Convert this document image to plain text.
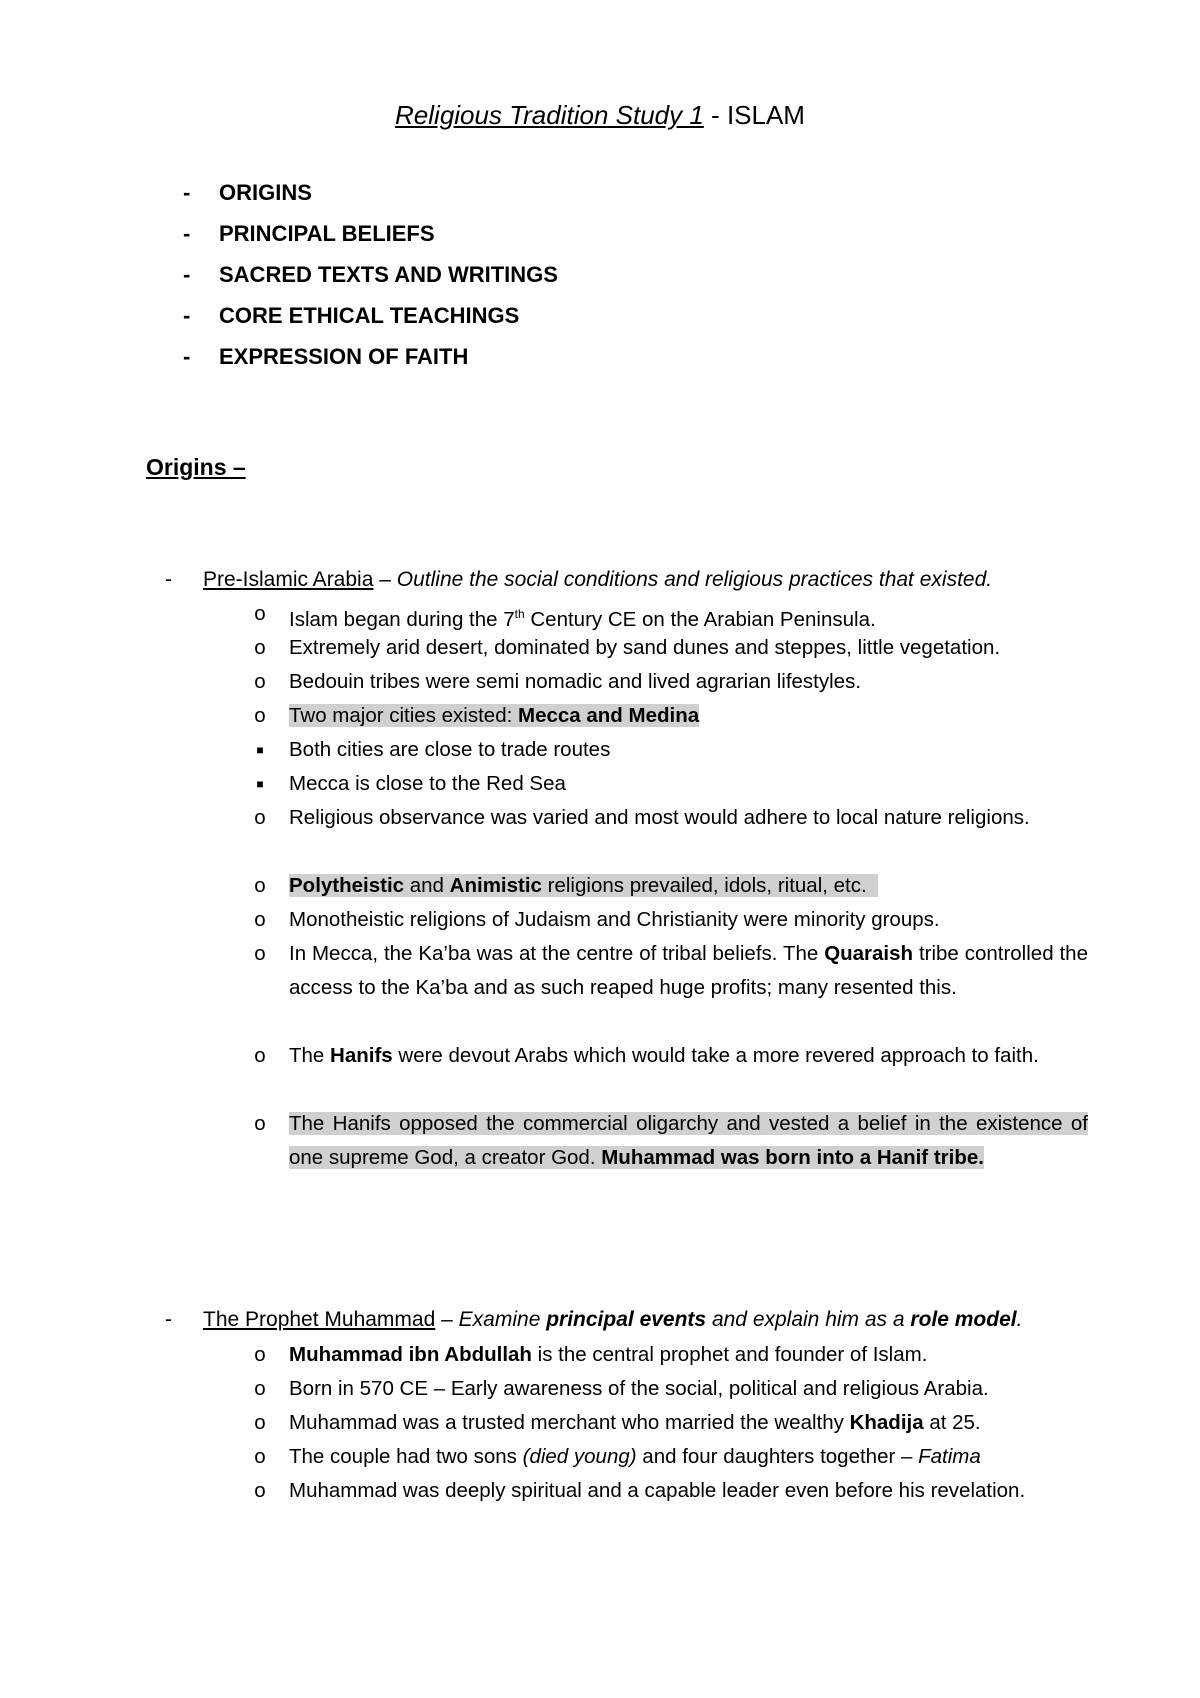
Religious Tradition Study 1 - ISLAM
-	ORIGINS
-	PRINCIPAL BELIEFS
-	SACRED TEXTS AND WRITINGS
-	CORE ETHICAL TEACHINGS
-	EXPRESSION OF FAITH
Origins –
- Pre-Islamic Arabia – Outline the social conditions and religious practices that existed.
o	Islam began during the 7th Century CE on the Arabian Peninsula.
o	Extremely arid desert, dominated by sand dunes and steppes, little vegetation.
o	Bedouin tribes were semi nomadic and lived agrarian lifestyles.
o	Two major cities existed: Mecca and Medina
■	Both cities are close to trade routes
■	Mecca is close to the Red Sea
o	Religious observance was varied and most would adhere to local nature religions.
o	Polytheistic and Animistic religions prevailed, idols, ritual, etc.
o	Monotheistic religions of Judaism and Christianity were minority groups.
o	In Mecca, the Ka’ba was at the centre of tribal beliefs. The Quaraish tribe controlled the access to the Ka’ba and as such reaped huge profits; many resented this.
o	The Hanifs were devout Arabs which would take a more revered approach to faith.
o	The Hanifs opposed the commercial oligarchy and vested a belief in the existence of one supreme God, a creator God. Muhammad was born into a Hanif tribe.
- The Prophet Muhammad – Examine principal events and explain him as a role model.
o	Muhammad ibn Abdullah is the central prophet and founder of Islam.
o	Born in 570 CE – Early awareness of the social, political and religious Arabia.
o	Muhammad was a trusted merchant who married the wealthy Khadija at 25.
o	The couple had two sons (died young) and four daughters together – Fatima
o	Muhammad was deeply spiritual and a capable leader even before his revelation.
